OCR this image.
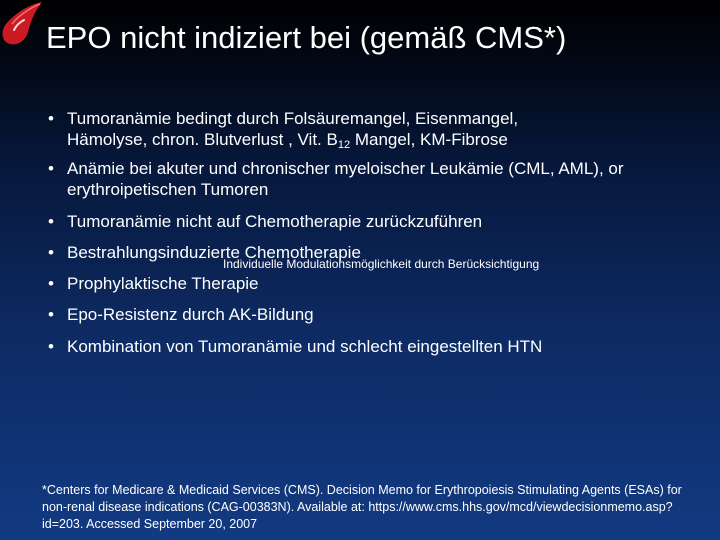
EPO nicht indiziert bei (gemäß CMS*)
• Tumoranämie bedingt durch Folsäuremangel, Eisenmangel,
Hämolyse, chron. Blutverlust , Vit. $B_{12}$ Mangel, KM-Fibrose
• Anämie bei akuter und chronischer myeloischer Leukämie (CML, AML), or erythroipetischen Tumoren
• Tumoranämie nicht auf Chemotherapie zurückzuführen
• Bestrahlungsinduzierte Chemotherapie
Individuelle Modulationsmöglichkeit durch Berücksichtigung
• Prophylaktische Therapie
• Epo-Resistenz durch AK-Bildung
• Kombination von Tumoranämie und schlecht eingestellten HTN
*Centers for Medicare & Medicaid Services (CMS). Decision Memo for Erythropoiesis Stimulating Agents (ESAs) for non-renal disease indications (CAG-00383N). Available at: https://www.cms.hhs.gov/mcd/viewdecisionmemo.asp?id=203. Accessed September 20, 2007
